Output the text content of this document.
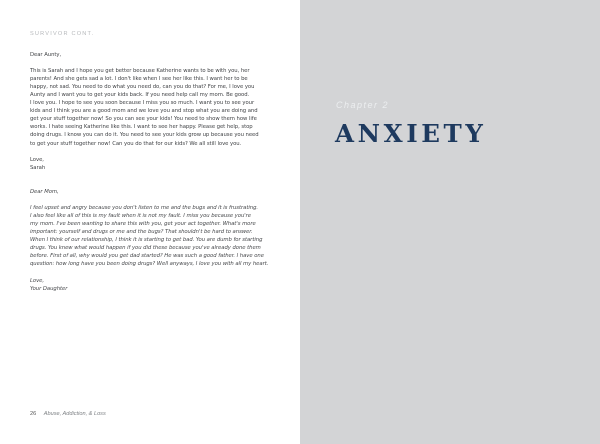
SURVIVOR CONT.
Dear Aunty,
This is Sarah and I hope you get better because Katherine wants to be with you, her
parents! And she gets sad a lot. I don't like when I see her like this. I want her to be
happy, not sad. You need to do what you need do, can you do that? For me, I love you
Aunty and I want you to get your kids back. If you need help call my mom. Be good.
I love you. I hope to see you soon because I miss you so much. I want you to see your
kids and I think you are a good mom and we love you and stop what you are doing and
get your stuff together now! So you can see your kids! You need to show them how life
works. I hate seeing Katherine like this. I want to see her happy. Please get help, stop
doing drugs. I know you can do it. You need to see your kids grow up because you need
to get your stuff together now! Can you do that for our kids? We all still love you.
Love,
Sarah
Dear Mom,
I feel upset and angry because you don't listen to me and the bugs and it is frustrating.
I also feel like all of this is my fault when it is not my fault. I miss you because you're
my mom. I've been wanting to share this with you, get your act together. What's more
important: yourself and drugs or me and the bugs? That shouldn't be hard to answer.
When I think of our relationship, I think it is starting to get bad. You are dumb for starting
drugs. You knew what would happen if you did these because you've already done them
before. First of all, why would you get dad started? He was such a good father. I have one
question: how long have you been doing drugs? Well anyways, I love you with all my heart.
Love,
Your Daughter
26 Abuse, Addiction, & Loss
Chapter 2
ANXIETY
